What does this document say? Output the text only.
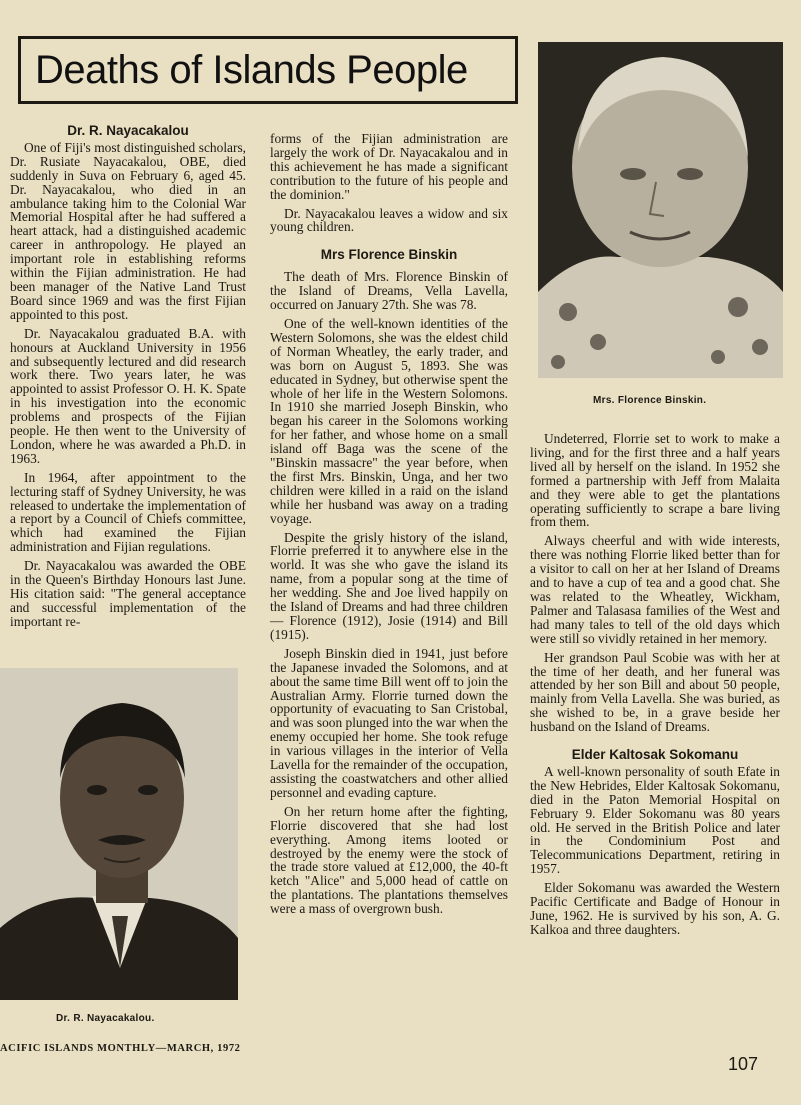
Deaths of Islands People
Dr. R. Nayacakalou

One of Fiji's most distinguished scholars, Dr. Rusiate Nayacakalou, OBE, died suddenly in Suva on February 6, aged 45. Dr. Nayacakalou, who died in an ambulance taking him to the Colonial War Memorial Hospital after he had suffered a heart attack, had a distinguished academic career in anthropology. He played an important role in establishing reforms within the Fijian administration. He had been manager of the Native Land Trust Board since 1969 and was the first Fijian appointed to this post.

Dr. Nayacakalou graduated B.A. with honours at Auckland University in 1956 and subsequently lectured and did research work there. Two years later, he was appointed to assist Professor O. H. K. Spate in his investigation into the economic problems and prospects of the Fijian people. He then went to the University of London, where he was awarded a Ph.D. in 1963.

In 1964, after appointment to the lecturing staff of Sydney University, he was released to undertake the implementation of a report by a Council of Chiefs committee, which had examined the Fijian administration and Fijian regulations.

Dr. Nayacakalou was awarded the OBE in the Queen's Birthday Honours last June. His citation said: "The general acceptance and successful implementation of the important re-

Dr. R. Nayacakalou.

forms of the Fijian administration are largely the work of Dr. Nayacakalou and in this achievement he has made a significant contribution to the future of his people and the dominion."

Dr. Nayacakalou leaves a widow and six young children.

Mrs Florence Binskin

The death of Mrs. Florence Binskin of the Island of Dreams, Vella Lavella, occurred on January 27th. She was 78.

One of the well-known identities of the Western Solomons, she was the eldest child of Norman Wheatley, the early trader, and was born on August 5, 1893. She was educated in Sydney, but otherwise spent the whole of her life in the Western Solomons. In 1910 she married Joseph Binskin, who began his career in the Solomons working for her father, and whose home on a small island off Baga was the scene of the "Binskin massacre" the year before, when the first Mrs. Binskin, Unga, and her two children were killed in a raid on the island while her husband was away on a trading voyage.

Despite the grisly history of the island, Florrie preferred it to anywhere else in the world. It was she who gave the island its name, from a popular song at the time of her wedding. She and Joe lived happily on the Island of Dreams and had three children — Florence (1912), Josie (1914) and Bill (1915).

Joseph Binskin died in 1941, just before the Japanese invaded the Solomons, and at about the same time Bill went off to join the Australian Army. Florrie turned down the opportunity of evacuating to San Cristobal, and was soon plunged into the war when the enemy occupied her home. She took refuge in various villages in the interior of Vella Lavella for the remainder of the occupation, assisting the coastwatchers and other allied personnel and evading capture.

On her return home after the fighting, Florrie discovered that she had lost everything. Among items looted or destroyed by the enemy were the stock of the trade store valued at £12,000, the 40-ft ketch "Alice" and 5,000 head of cattle on the plantations. The plantations themselves were a mass of overgrown bush.

Mrs. Florence Binskin.

Undeterred, Florrie set to work to make a living, and for the first three and a half years lived all by herself on the island. In 1952 she formed a partnership with Jeff from Malaita and they were able to get the plantations operating sufficiently to scrape a bare living from them.

Always cheerful and with wide interests, there was nothing Florrie liked better than for a visitor to call on her at her Island of Dreams and to have a cup of tea and a good chat. She was related to the Wheatley, Wickham, Palmer and Talasasa families of the West and had many tales to tell of the old days which were still so vividly retained in her memory.

Her grandson Paul Scobie was with her at the time of her death, and her funeral was attended by her son Bill and about 50 people, mainly from Vella Lavella. She was buried, as she wished to be, in a grave beside her husband on the Island of Dreams.

Elder Kaltosak Sokomanu

A well-known personality of south Efate in the New Hebrides, Elder Kaltosak Sokomanu, died in the Paton Memorial Hospital on February 9. Elder Sokomanu was 80 years old. He served in the British Police and later in the Condominium Post and Telecommunications Department, retiring in 1957.

Elder Sokomanu was awarded the Western Pacific Certificate and Badge of Honour in June, 1962. He is survived by his son, A. G. Kalkoa and three daughters.

ACIFIC ISLANDS MONTHLY—MARCH, 1972
107
